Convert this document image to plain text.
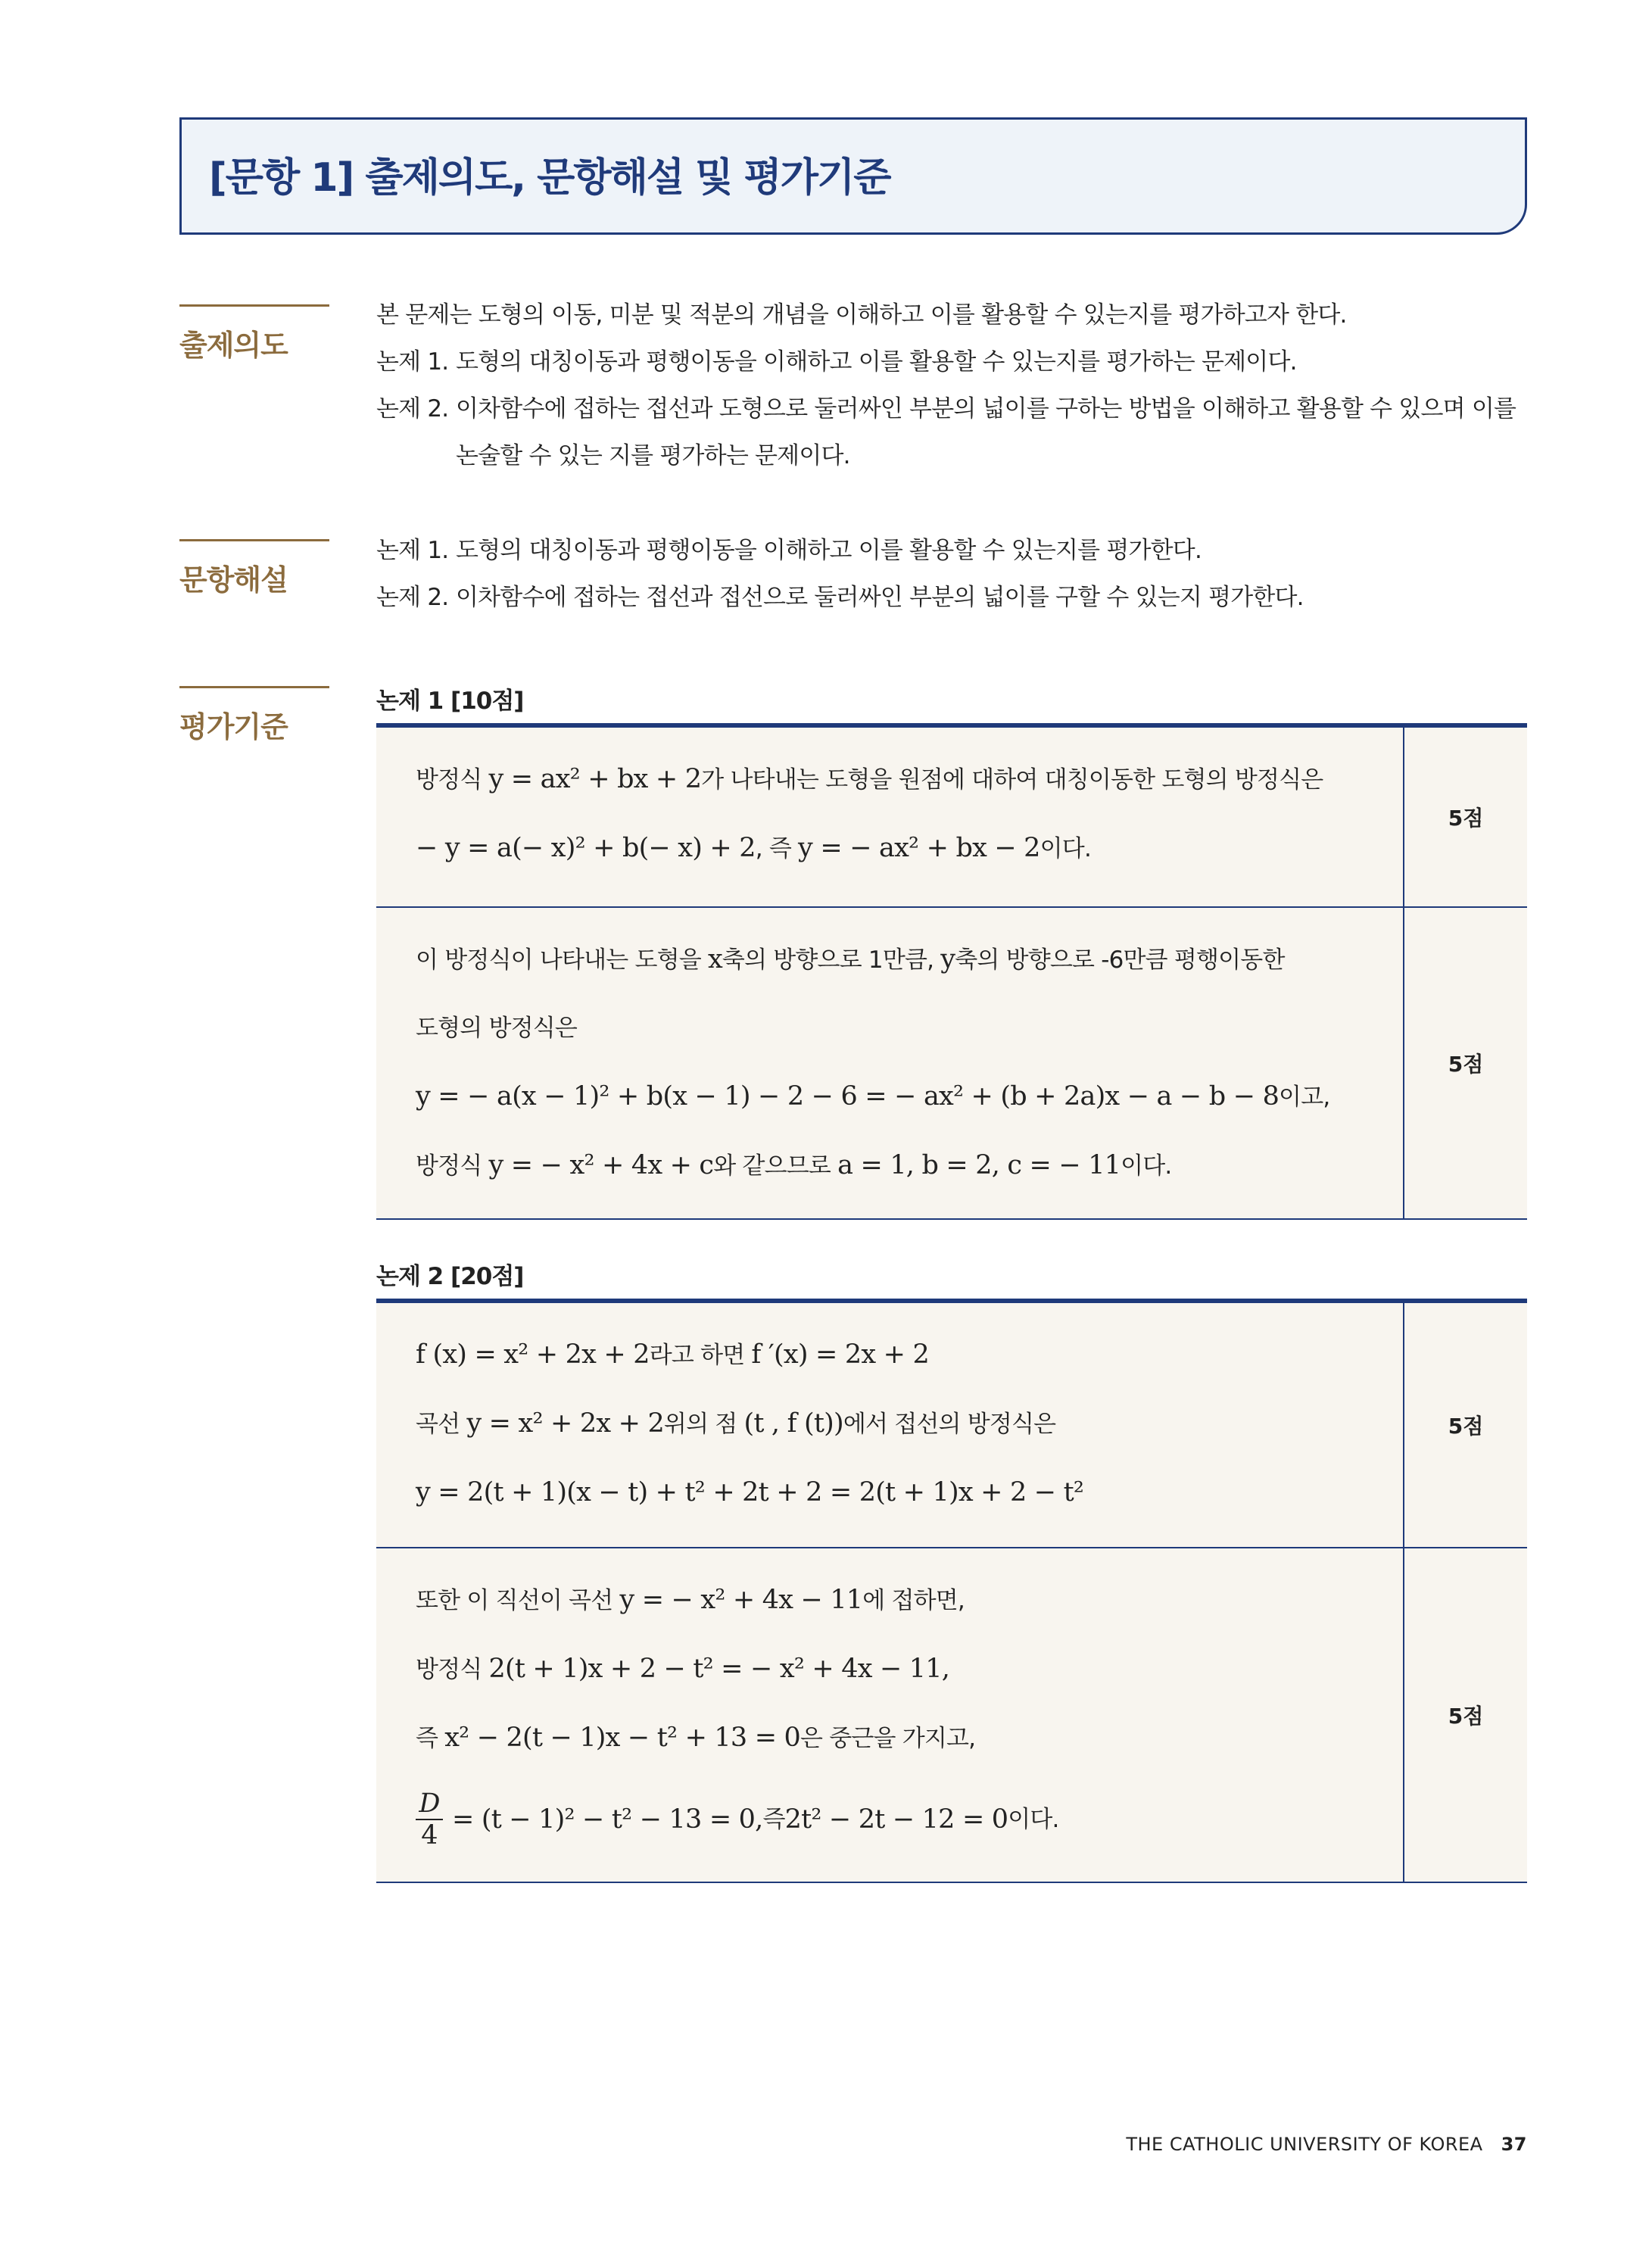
[문항 1] 출제의도, 문항해설 및 평가기준
출제의도

본 문제는 도형의 이동, 미분 및 적분의 개념을 이해하고 이를 활용할 수 있는지를 평가하고자 한다.

논제 1. 도형의 대칭이동과 평행이동을 이해하고 이를 활용할 수 있는지를 평가하는 문제이다.

논제 2. 이차함수에 접하는 접선과 도형으로 둘러싸인 부분의 넓이를 구하는 방법을 이해하고 활용할 수 있으며 이를

논술할 수 있는 지를 평가하는 문제이다.

문항해설

논제 1. 도형의 대칭이동과 평행이동을 이해하고 이를 활용할 수 있는지를 평가한다.

논제 2. 이차함수에 접하는 접선과 접선으로 둘러싸인 부분의 넓이를 구할 수 있는지 평가한다.

평가기준
논제 1 [10점]

방정식 y = ax² + bx + 2가 나타내는 도형을 원점에 대하여 대칭이동한 도형의 방정식은

− y = a(− x)² + b(− x) + 2, 즉 y = − ax² + bx − 2이다.

5점

이 방정식이 나타내는 도형을 x축의 방향으로 1만큼, y축의 방향으로 -6만큼 평행이동한

도형의 방정식은

y = − a(x − 1)² + b(x − 1) − 2 − 6 = − ax² + (b + 2a)x − a − b − 8이고,

방정식 y = − x² + 4x + c와 같으므로 a = 1, b = 2, c = − 11이다.

5점
논제 2 [20점]

f (x) = x² + 2x + 2라고 하면 f ′(x) = 2x + 2

곡선 y = x² + 2x + 2위의 점 (t , f (t))에서 접선의 방정식은

y = 2(t + 1)(x − t) + t² + 2t + 2 = 2(t + 1)x + 2 − t²

5점

또한 이 직선이 곡선 y = − x² + 4x − 11에 접하면,

방정식 2(t + 1)x + 2 − t² = − x² + 4x − 11,

즉 x² − 2(t − 1)x − t² + 13 = 0은 중근을 가지고,

D
4
= (t − 1)² − t² − 13 = 0, 즉 2t² − 2t − 12 = 0 이다.

5점
THE CATHOLIC UNIVERSITY OF KOREA 37
